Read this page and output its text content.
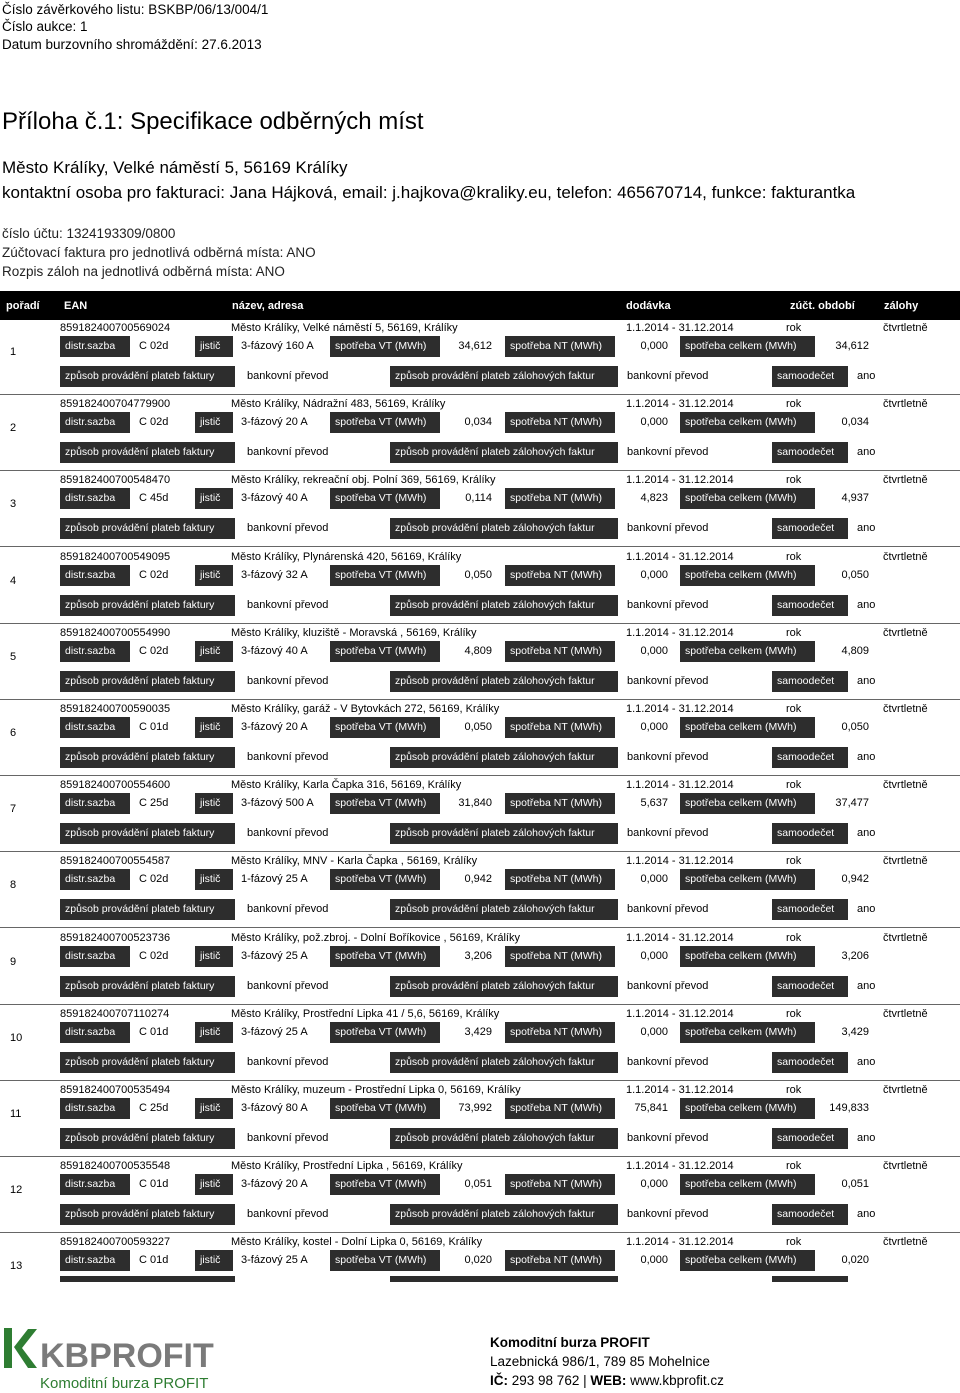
Číslo závěrkového listu: BSKBP/06/13/004/1
Číslo aukce: 1
Datum burzovního shromáždění: 27.6.2013
Příloha č.1: Specifikace odběrných míst
Město Králíky, Velké náměstí 5, 56169 Králíky
kontaktní osoba pro fakturaci: Jana Hájková, email: j.hajkova@kraliky.eu, telefon: 465670714, funkce: fakturantka
číslo účtu: 1324193309/0800
Zúčtovací faktura pro jednotlivá odběrná místa: ANO
Rozpis záloh na jednotlivá odběrná místa: ANO
pořadí EAN	název, adresa	dodávka	zúčt. období	zálohy
1
859182400700569024	Město Králíky, Velké náměstí 5, 56169, Králíky	1.1.2014 - 31.12.2014	rok	čtvrtletně
distr.sazba	C 02d	jistič	3-fázový 160 A	spotřeba VT (MWh)	34,612	spotřeba NT (MWh)	0,000	spotřeba celkem (MWh)	34,612
způsob provádění plateb faktury	bankovní převod	způsob provádění plateb zálohových faktur	bankovní převod	samoodečet	ano
2
859182400704779900	Město Králíky, Nádražní 483, 56169, Králíky	1.1.2014 - 31.12.2014	rok	čtvrtletně
distr.sazba	C 02d	jistič	3-fázový 20 A	spotřeba VT (MWh)	0,034	spotřeba NT (MWh)	0,000	spotřeba celkem (MWh)	0,034
způsob provádění plateb faktury	bankovní převod	způsob provádění plateb zálohových faktur	bankovní převod	samoodečet	ano
3
859182400700548470	Město Králíky, rekreační obj. Polní 369, 56169, Králíky	1.1.2014 - 31.12.2014	rok	čtvrtletně
distr.sazba	C 45d	jistič	3-fázový 40 A	spotřeba VT (MWh)	0,114	spotřeba NT (MWh)	4,823	spotřeba celkem (MWh)	4,937
způsob provádění plateb faktury	bankovní převod	způsob provádění plateb zálohových faktur	bankovní převod	samoodečet	ano
4
859182400700549095	Město Králíky, Plynárenská 420, 56169, Králíky	1.1.2014 - 31.12.2014	rok	čtvrtletně
distr.sazba	C 02d	jistič	3-fázový 32 A	spotřeba VT (MWh)	0,050	spotřeba NT (MWh)	0,000	spotřeba celkem (MWh)	0,050
způsob provádění plateb faktury	bankovní převod	způsob provádění plateb zálohových faktur	bankovní převod	samoodečet	ano
5
859182400700554990	Město Králíky, kluziště - Moravská , 56169, Králíky	1.1.2014 - 31.12.2014	rok	čtvrtletně
distr.sazba	C 02d	jistič	3-fázový 40 A	spotřeba VT (MWh)	4,809	spotřeba NT (MWh)	0,000	spotřeba celkem (MWh)	4,809
způsob provádění plateb faktury	bankovní převod	způsob provádění plateb zálohových faktur	bankovní převod	samoodečet	ano
6
859182400700590035	Město Králíky, garáž - V Bytovkách 272, 56169, Králíky	1.1.2014 - 31.12.2014	rok	čtvrtletně
distr.sazba	C 01d	jistič	3-fázový 20 A	spotřeba VT (MWh)	0,050	spotřeba NT (MWh)	0,000	spotřeba celkem (MWh)	0,050
způsob provádění plateb faktury	bankovní převod	způsob provádění plateb zálohových faktur	bankovní převod	samoodečet	ano
7
859182400700554600	Město Králíky, Karla Čapka 316, 56169, Králíky	1.1.2014 - 31.12.2014	rok	čtvrtletně
distr.sazba	C 25d	jistič	3-fázový 500 A	spotřeba VT (MWh)	31,840	spotřeba NT (MWh)	5,637	spotřeba celkem (MWh)	37,477
způsob provádění plateb faktury	bankovní převod	způsob provádění plateb zálohových faktur	bankovní převod	samoodečet	ano
8
859182400700554587	Město Králíky, MNV - Karla Čapka , 56169, Králíky	1.1.2014 - 31.12.2014	rok	čtvrtletně
distr.sazba	C 02d	jistič	1-fázový 25 A	spotřeba VT (MWh)	0,942	spotřeba NT (MWh)	0,000	spotřeba celkem (MWh)	0,942
způsob provádění plateb faktury	bankovní převod	způsob provádění plateb zálohových faktur	bankovní převod	samoodečet	ano
9
859182400700523736	Město Králíky, pož.zbroj. - Dolní Boříkovice , 56169, Králíky	1.1.2014 - 31.12.2014	rok	čtvrtletně
distr.sazba	C 02d	jistič	3-fázový 25 A	spotřeba VT (MWh)	3,206	spotřeba NT (MWh)	0,000	spotřeba celkem (MWh)	3,206
způsob provádění plateb faktury	bankovní převod	způsob provádění plateb zálohových faktur	bankovní převod	samoodečet	ano
10
859182400707110274	Město Králíky, Prostřední Lipka 41 / 5,6, 56169, Králíky	1.1.2014 - 31.12.2014	rok	čtvrtletně
distr.sazba	C 01d	jistič	3-fázový 25 A	spotřeba VT (MWh)	3,429	spotřeba NT (MWh)	0,000	spotřeba celkem (MWh)	3,429
způsob provádění plateb faktury	bankovní převod	způsob provádění plateb zálohových faktur	bankovní převod	samoodečet	ano
11
859182400700535494	Město Králíky, muzeum - Prostřední Lipka 0, 56169, Králíky	1.1.2014 - 31.12.2014	rok	čtvrtletně
distr.sazba	C 25d	jistič	3-fázový 80 A	spotřeba VT (MWh)	73,992	spotřeba NT (MWh)	75,841	spotřeba celkem (MWh)	149,833
způsob provádění plateb faktury	bankovní převod	způsob provádění plateb zálohových faktur	bankovní převod	samoodečet	ano
12
859182400700535548	Město Králíky, Prostřední Lipka , 56169, Králíky	1.1.2014 - 31.12.2014	rok	čtvrtletně
distr.sazba	C 01d	jistič	3-fázový 20 A	spotřeba VT (MWh)	0,051	spotřeba NT (MWh)	0,000	spotřeba celkem (MWh)	0,051
způsob provádění plateb faktury	bankovní převod	způsob provádění plateb zálohových faktur	bankovní převod	samoodečet	ano
13
859182400700593227	Město Králíky, kostel - Dolní Lipka 0, 56169, Králíky	1.1.2014 - 31.12.2014	rok	čtvrtletně
distr.sazba	C 01d	jistič	3-fázový 25 A	spotřeba VT (MWh)	0,020	spotřeba NT (MWh)	0,000	spotřeba celkem (MWh)	0,020
KBPROFIT
Komoditní burza PROFIT
Komoditní burza PROFIT
Lazebnická 986/1, 789 85 Mohelnice
IČ: 293 98 762 | WEB: www.kbprofit.cz
